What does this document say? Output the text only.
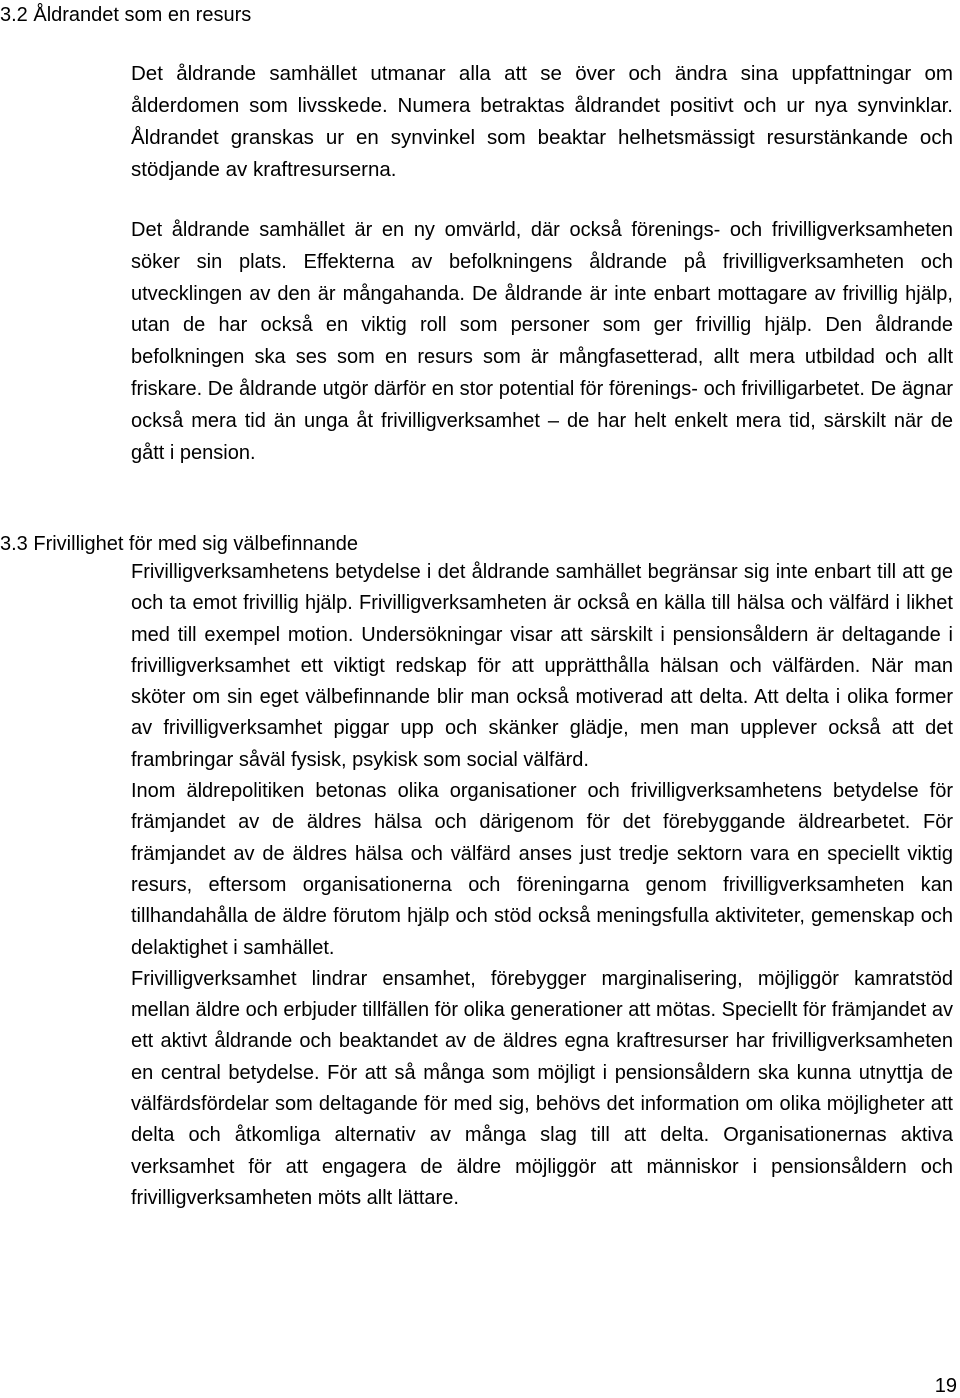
3.2 Åldrandet som en resurs

Det åldrande samhället utmanar alla att se över och ändra sina uppfattningar om ålderdomen som livsskede. Numera betraktas åldrandet positivt och ur nya synvinklar. Åldrandet granskas ur en synvinkel som beaktar helhetsmässigt resurstänkande och stödjande av kraftresurserna.

Det åldrande samhället är en ny omvärld, där också förenings- och frivilligverksamheten söker sin plats. Effekterna av befolkningens åldrande på frivilligverksamheten och utvecklingen av den är mångahanda. De åldrande är inte enbart mottagare av frivillig hjälp, utan de har också en viktig roll som personer som ger frivillig hjälp. Den åldrande befolkningen ska ses som en resurs som är mångfasetterad, allt mera utbildad och allt friskare. De åldrande utgör därför en stor potential för förenings- och frivilligarbetet. De ägnar också mera tid än unga åt frivilligverksamhet – de har helt enkelt mera tid, särskilt när de gått i pension.

3.3 Frivillighet för med sig välbefinnande
Frivilligverksamhetens betydelse i det åldrande samhället begränsar sig inte enbart till att ge och ta emot frivillig hjälp. Frivilligverksamheten är också en källa till hälsa och välfärd i likhet med till exempel motion. Undersökningar visar att särskilt i pensionsåldern är deltagande i frivilligverksamhet ett viktigt redskap för att upprätthålla hälsan och välfärden. När man sköter om sin eget välbefinnande blir man också motiverad att delta. Att delta i olika former av frivilligverksamhet piggar upp och skänker glädje, men man upplever också att det frambringar såväl fysisk, psykisk som social välfärd.
Inom äldrepolitiken betonas olika organisationer och frivilligverksamhetens betydelse för främjandet av de äldres hälsa och därigenom för det förebyggande äldrearbetet. För främjandet av de äldres hälsa och välfärd anses just tredje sektorn vara en speciellt viktig resurs, eftersom organisationerna och föreningarna genom frivilligverksamheten kan tillhandahålla de äldre förutom hjälp och stöd också meningsfulla aktiviteter, gemenskap och delaktighet i samhället.
Frivilligverksamhet lindrar ensamhet, förebygger marginalisering, möjliggör kamratstöd mellan äldre och erbjuder tillfällen för olika generationer att mötas. Speciellt för främjandet av ett aktivt åldrande och beaktandet av de äldres egna kraftresurser har frivilligverksamheten en central betydelse. För att så många som möjligt i pensionsåldern ska kunna utnyttja de välfärdsfördelar som deltagande för med sig, behövs det information om olika möjligheter att delta och åtkomliga alternativ av många slag till att delta. Organisationernas aktiva verksamhet för att engagera de äldre möjliggör att människor i pensionsåldern och frivilligverksamheten möts allt lättare.

19
